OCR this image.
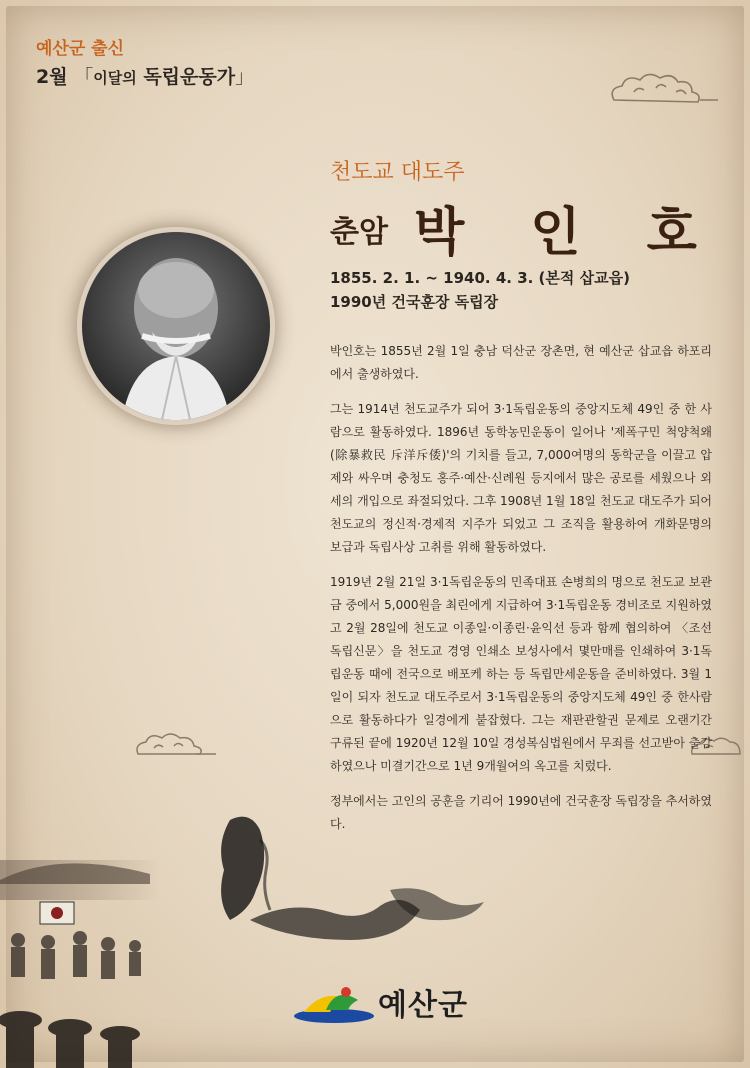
예산군 출신
2월 「이달의 독립운동가」
천도교 대도주
춘암 박 인 호
1855. 2. 1. ~ 1940. 4. 3. (본적 삽교읍)
1990년 건국훈장 독립장

박인호는 1855년 2월 1일 충남 덕산군 장촌면, 현 예산군 삽교읍 하포리에서 출생하였다.

그는 1914년 천도교주가 되어 3·1독립운동의 중앙지도체 49인 중 한 사람으로 활동하였다. 1896년 동학농민운동이 일어나 '제폭구민 척양척왜(除暴救民 斥洋斥倭)'의 기치를 들고, 7,000여명의 동학군을 이끌고 압제와 싸우며 충청도 홍주·예산·신례원 등지에서 많은 공로를 세웠으나 외세의 개입으로 좌절되었다. 그후 1908년 1월 18일 천도교 대도주가 되어 천도교의 정신적·경제적 지주가 되었고 그 조직을 활용하여 개화문명의 보급과 독립사상 고취를 위해 활동하였다.

1919년 2월 21일 3·1독립운동의 민족대표 손병희의 명으로 천도교 보관금 중에서 5,000원을 최린에게 지급하여 3·1독립운동 경비조로 지원하였고 2월 28일에 천도교 이종일·이종린·윤익선 등과 함께 협의하여 〈조선독립신문〉을 천도교 경영 인쇄소 보성사에서 몇만매를 인쇄하여 3·1독립운동 때에 전국으로 배포케 하는 등 독립만세운동을 준비하였다. 3월 1일이 되자 천도교 대도주로서 3·1독립운동의 중앙지도체 49인 중 한사람으로 활동하다가 일경에게 붙잡혔다. 그는 재판관할권 문제로 오랜기간 구류된 끝에 1920년 12월 10일 경성복심법원에서 무죄를 선고받아 출감하였으나 미결기간으로 1년 9개월여의 옥고를 치렀다.

정부에서는 고인의 공훈을 기리어 1990년에 건국훈장 독립장을 추서하였다.

예산군
